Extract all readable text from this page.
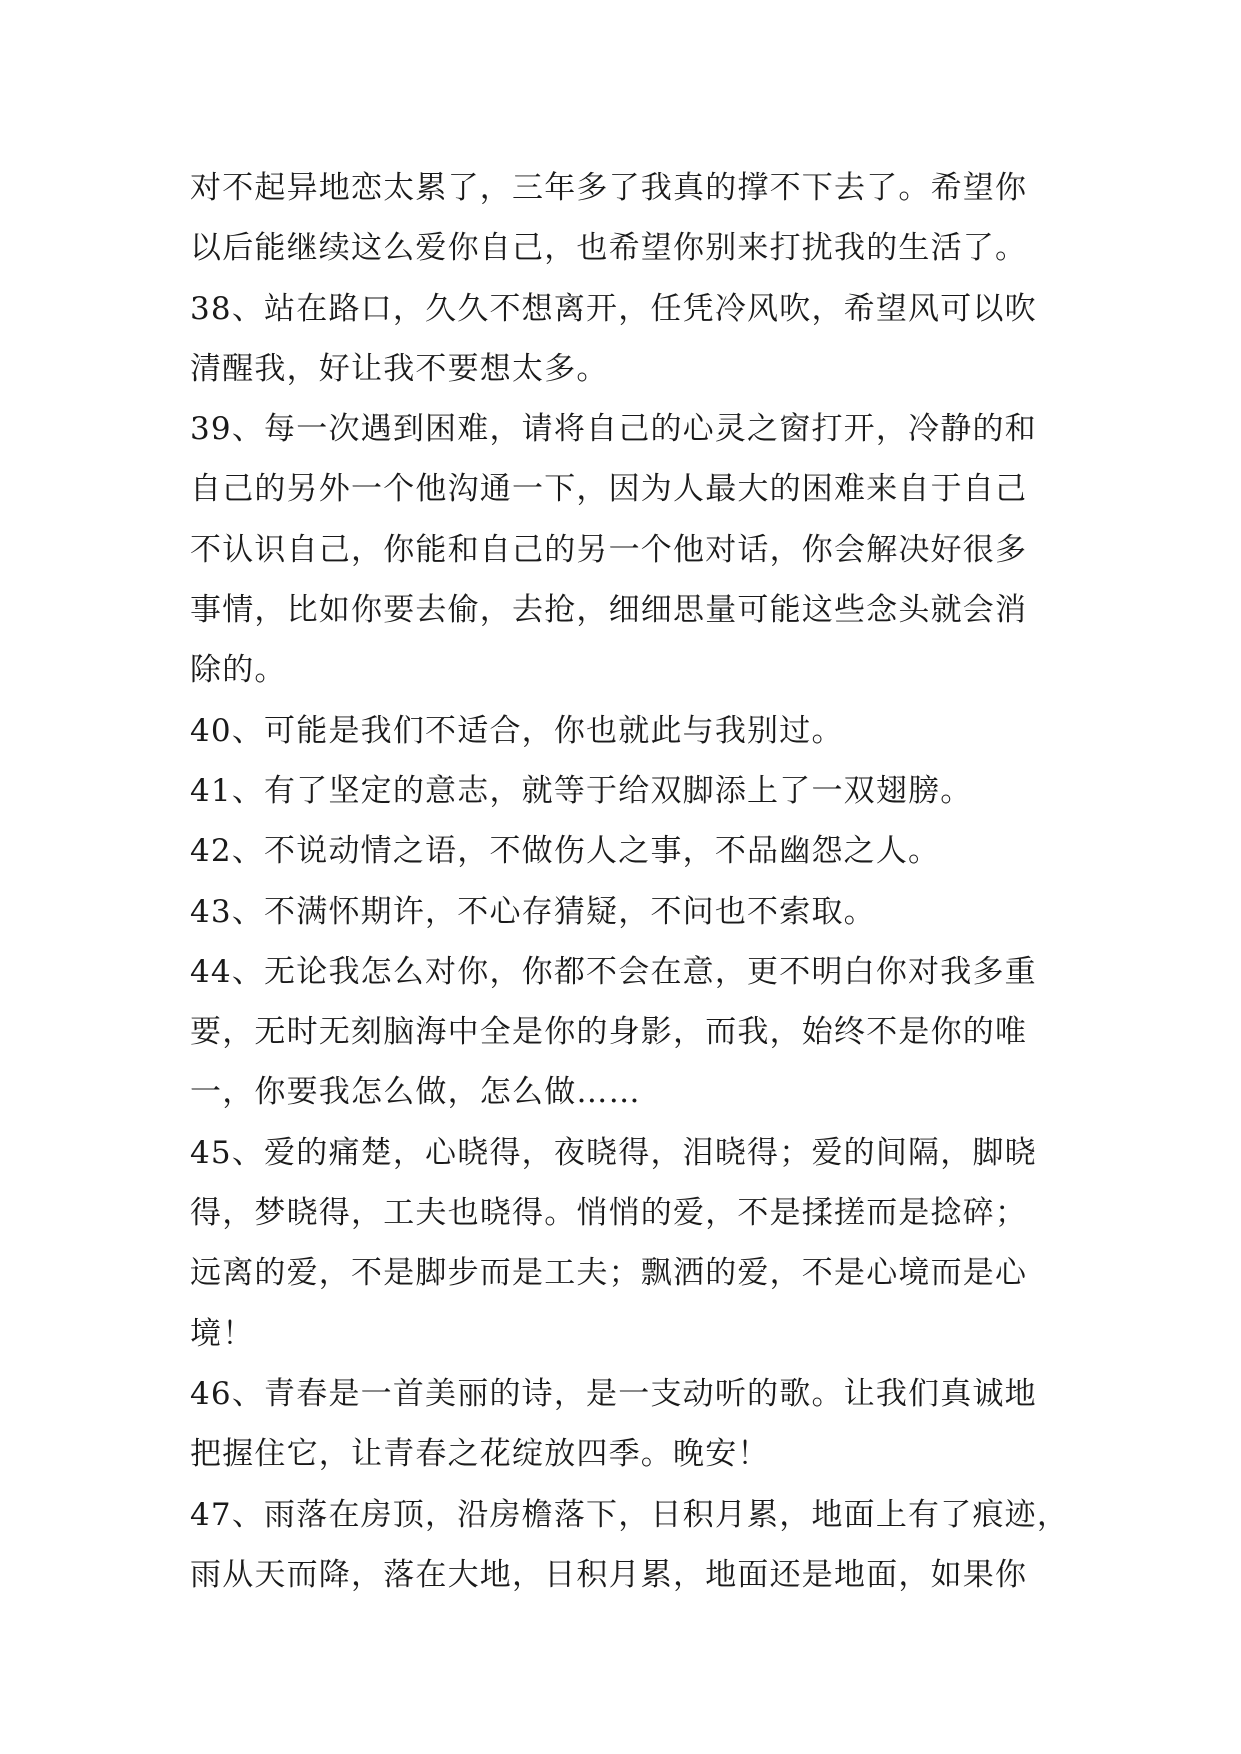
对不起异地恋太累了，三年多了我真的撑不下去了。希望你
以后能继续这么爱你自己，也希望你别来打扰我的生活了。
38、站在路口，久久不想离开，任凭冷风吹，希望风可以吹
清醒我，好让我不要想太多。
39、每一次遇到困难，请将自己的心灵之窗打开，冷静的和
自己的另外一个他沟通一下，因为人最大的困难来自于自己
不认识自己，你能和自己的另一个他对话，你会解决好很多
事情，比如你要去偷，去抢，细细思量可能这些念头就会消
除的。
40、可能是我们不适合，你也就此与我别过。
41、有了坚定的意志，就等于给双脚添上了一双翅膀。
42、不说动情之语，不做伤人之事，不品幽怨之人。
43、不满怀期许，不心存猜疑，不问也不索取。
44、无论我怎么对你，你都不会在意，更不明白你对我多重
要，无时无刻脑海中全是你的身影，而我，始终不是你的唯
一，你要我怎么做，怎么做……
45、爱的痛楚，心晓得，夜晓得，泪晓得；爱的间隔，脚晓
得，梦晓得，工夫也晓得。悄悄的爱，不是揉搓而是捻碎；
远离的爱，不是脚步而是工夫；飘洒的爱，不是心境而是心
境！
46、青春是一首美丽的诗，是一支动听的歌。让我们真诚地
把握住它，让青春之花绽放四季。晚安！
47、雨落在房顶，沿房檐落下，日积月累，地面上有了痕迹，
雨从天而降，落在大地，日积月累，地面还是地面，如果你
